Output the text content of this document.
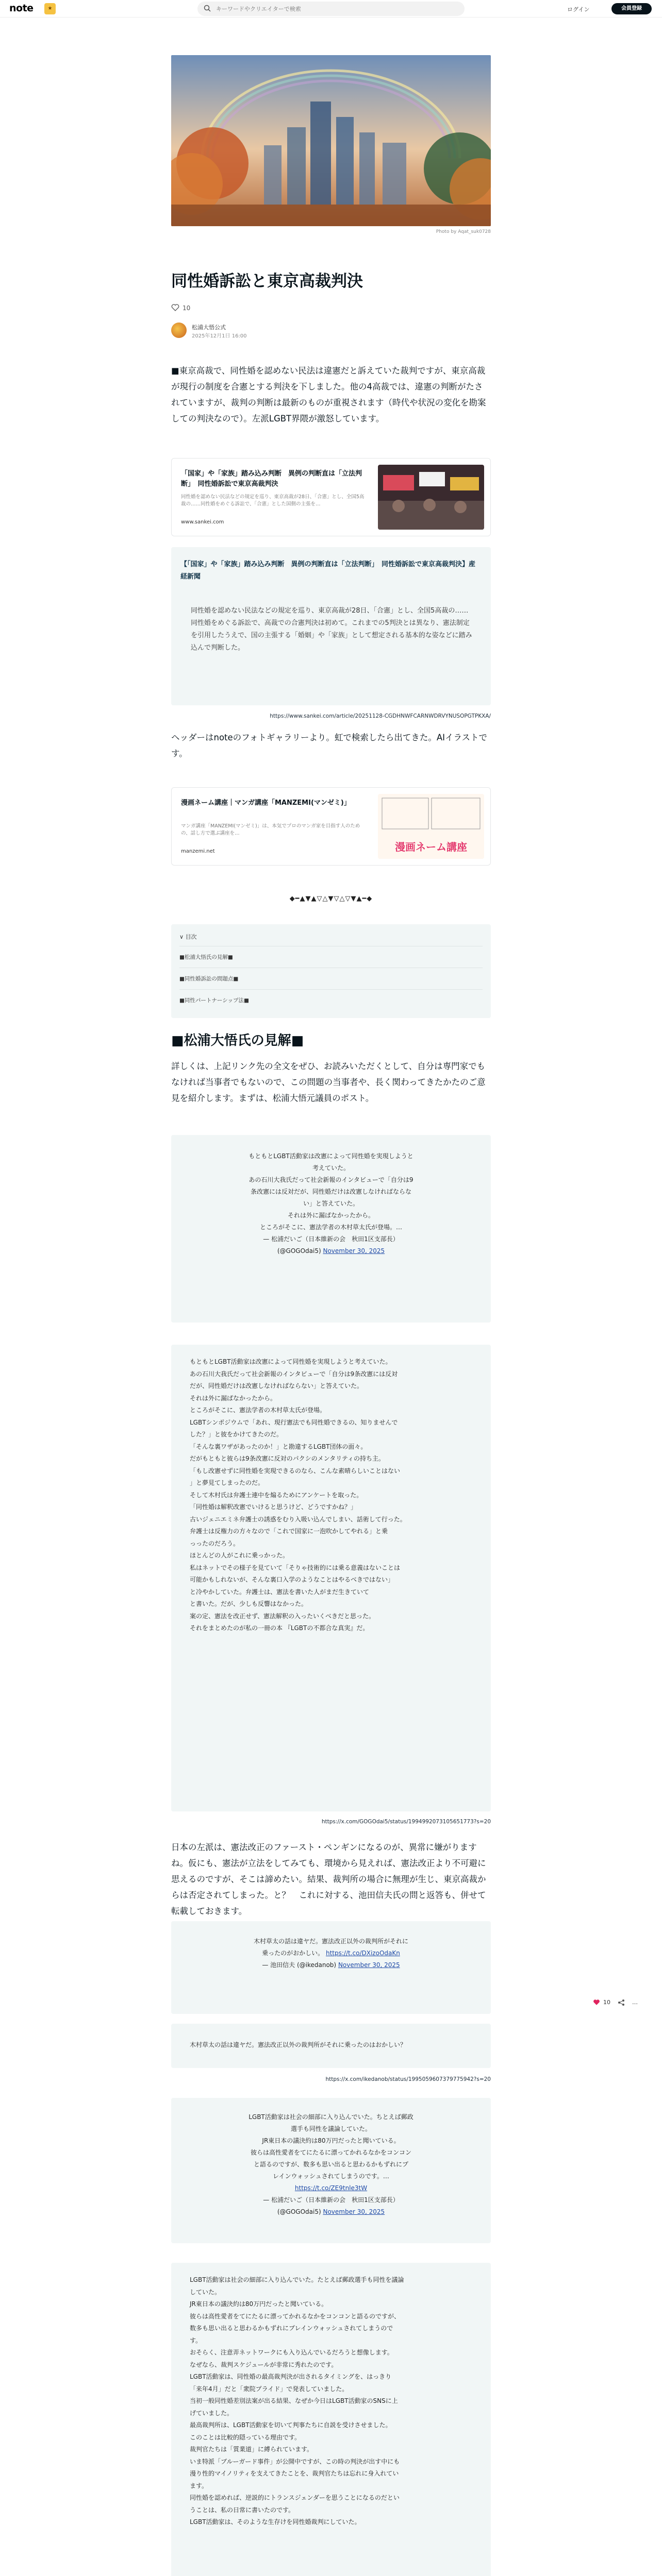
note	★
キーワードやクリエイターで検索	ログイン	会員登録
Photo by Aqat_suk0728
同性婚訴訟と東京高裁判決
10
松浦大悟公式
2025年12月1日 16:00
■東京高裁で、同性婚を認めない民法は違憲だと訴えていた裁判ですが、東京高裁が現行の制度を合憲とする判決を下しました。他の4高裁では、違憲の判断がたされていますが、裁判の判断は最新のものが重視されます（時代や状況の変化を勘案しての判決なので）。左派LGBT界隈が激怒しています。
「国家」や「家族」踏み込み判断　異例の判断直は「立法判断」　同性婚訴訟で東京高裁判決
同性婚を認めない民法などの規定を巡り、東京高裁が28日、「合憲」とし、全国5高裁の……同性婚をめぐる訴訟で、「合憲」とした国側の主張を…
www.sankei.com
【「国家」や「家族」踏み込み判断　異例の判断直は「立法判断」　同性婚訴訟で東京高裁判決】産経新聞
同性婚を認めない民法などの規定を巡り、東京高裁が28日、「合憲」とし、全国5高裁の……同性婚をめぐる訴訟で、高裁での合憲判決は初めて。これまでの5判決とは異なり、憲法制定を引用したうえで、国の主張する「婚姻」や「家族」として想定される基本的な姿などに踏み込んで判断した。
https://www.sankei.com/article/20251128-CGDHNWFCARNWDRVYNUSOPGTPKXA/
ヘッダーはnoteのフォトギャラリーより。虹で検索したら出てきた。AIイラストです。
漫画ネーム講座｜マンガ講座「MANZEMI(マンゼミ)」
マンガ講座「MANZEMI(マンゼミ)」は、本気でプロのマンガ家を目指す人のための、話し方で選ぶ講座を…
manzemi.net	漫画ネーム講座
◆━▲▼▲▽△▼▽△▽▼▲━◆
∨ 目次
■松浦大悟氏の見解■
■同性婚訴訟の問題点■
■同性パートナーシップ法■
■松浦大悟氏の見解■
詳しくは、上記リンク先の全文をぜひ、お読みいただくとして、自分は専門家でもなければ当事者でもないので、この問題の当事者や、長く関わってきたかたのご意見を紹介します。まずは、松浦大悟元議員のポスト。
もともとLGBT活動家は改憲によって同性婚を実現しようと
考えていた。
あの石川大我氏だって社会新報のインタビューで「自分は9
条改憲には反対だが、同性婚だけは改憲しなければならな
い」と答えていた。
それは外に漏ぱなかったから。
ところがそこに、憲法学者の木村草太氏が登場。…
— 松浦だいご（日本維新の会　秋田1区支部長）
(@GOGOdai5) November 30, 2025
もともとLGBT活動家は改憲によって同性婚を実現しようと考えていた。
あの石川大我氏だって社会新報のインタビューで「自分は9条改憲には反対
だが、同性婚だけは改憲しなければならない」と答えていた。
それは外に漏ぱなかったから。
ところがそこに、憲法学者の木村草太氏が登場。
LGBTシンポジウムで「あれ、現行憲法でも同性婚できるの、知りませんで
した？」と彼をかけてきたのだ。
「そんな裏ワザがあったのか！」と勘違するLGBT団体の面々。
だがもともと彼らは9条改憲に反対のパクシのメンタリティの持ち主。
「もし改憲せずに同性婚を実現できるのなら、こんな素晴らしいことはない
」と夢見てしまったのだ。
そして木村氏は弁護士連中を煽るためにアンケートを取った。
「同性婚は解釈改憲でいけると思うけど、どうですかね？」
古いジェニエミネ弁護士の誘惑をむり入吸い込んでしまい、話術して行った。
弁護士は反権力の方々なので「これで国家に一泡吹かしてやれる」と乗
っったのだろう。
ほとんどの人がこれに乗っかった。
私はネットでその様子を見ていて「そりゃ技術的には乗る意義はないことは
可能かもしれないが、そんな裏口入学のようなことはやるべきではない」
と冷やかしていた。弁護士は、憲法を書いた人がまだ生きていて
と書いた。だが、少しも反響はなかった。
案の定、憲法を改正せず、憲法解釈の入ったいくべきだと思った。
それをまとめたのが私の一冊の本 『LGBTの不都合な真実』だ。
https://x.com/GOGOdai5/status/1994992073105651773?s=20
日本の左派は、憲法改正のファースト・ペンギンになるのが、異常に嫌がりますね。仮にも、憲法が立法をしてみても、環境から見えれば、憲法改正より不可避に思えるのですが、そこは諦めたい。結果、裁判所の場合に無理が生じ、東京高裁からは否定されてしまった。と？　これに対する、池田信夫氏の問と返答も、併せて転載しておきます。
木村草太の話は違ヤだ。憲法改正以外の裁判所がそれに
乗ったのがおかしい。 https://t.co/DXizoOdaKn
— 池田信夫 (@ikedanob) November 30, 2025
10	…
木村草太の話は違ヤだ。憲法改正以外の裁判所がそれに乗ったのはおかしい？
https://x.com/ikedanob/status/1995059607379775942?s=20
LGBT活動家は社会の細部に入り込んでいた。ちとえば郵政
選手も同性を議論していた。
JR東日本の議決約は80万円だったと聞いている。
彼らは高性愛者をてにたるに漂ってかれるなかをコンコン
と語るのですが、数多も思い出ると思わるかもずれにプ
レインウォッシュされてしまうのです。…
https://t.co/ZE9tnle3tW
— 松浦だいご（日本維新の会　秋田1区支部長）
(@GOGOdai5) November 30, 2025
LGBT活動家は社会の細部に入り込んでいた。たとえば郵政選手も同性を議論
していた。
JR東日本の議決約は80万円だったと聞いている。
彼らは高性愛者をてにたるに漂ってかれるなかをコンコンと語るのですが、
数多も思い出ると思わるかもずれにプレインウォッシュされてしまうので
す。
おそらく、注意弄ネットワークにも入り込んでいるだろうと想像します。
なぜなら、裁判スケジュールが非常に秀れたのです。
LGBT活動家は、同性婚の最高裁判決が出されるタイミングを、はっきり
「来年4月」だと「衆院プライド」で発表していました。
当初一般同性婚差別法案が出る結果、なぜか今日はLGBT活動家のSNSに上
げていました。
最高裁判所は、LGBT活動家を切いて判事たちに自説を受けさせました。
このことは比較的隠っている理由です。
裁判官たちは「質業道」に縛られています。
いま特派「ブルーガード事件」が公開中ですが、この時の判決が出す中にも
漫り性的マイノリティを支えてきたことを、裁判官たちは忘れに身入れてい
ます。
同性婚を認めれば、逆説的にトランスジェンダーを思うことになるのだとい
うことは、私の日常に書いたのです。
LGBT活動家は、そのような生存けを同性婚裁判にしていた。
